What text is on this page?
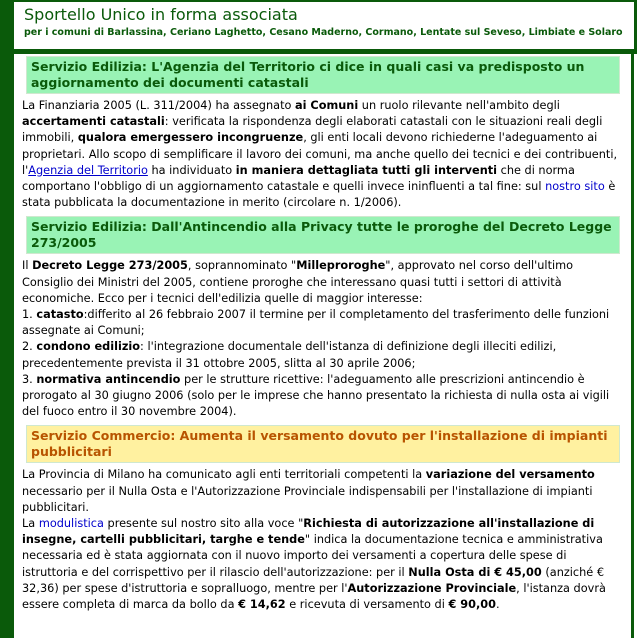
Sportello Unico in forma associata
per i comuni di Barlassina, Ceriano Laghetto, Cesano Maderno, Cormano, Lentate sul Seveso, Limbiate e Solaro
Servizio Edilizia: L'Agenzia del Territorio ci dice in quali casi va predisposto un aggiornamento dei documenti catastali
La Finanziaria 2005 (L. 311/2004) ha assegnato ai Comuni un ruolo rilevante nell'ambito degli accertamenti catastali: verificata la rispondenza degli elaborati catastali con le situazioni reali degli immobili, qualora emergessero incongruenze, gli enti locali devono richiederne l'adeguamento ai proprietari. Allo scopo di semplificare il lavoro dei comuni, ma anche quello dei tecnici e dei contribuenti, l'Agenzia del Territorio ha individuato in maniera dettagliata tutti gli interventi che di norma comportano l'obbligo di un aggiornamento catastale e quelli invece ininfluenti a tal fine: sul nostro sito è stata pubblicata la documentazione in merito (circolare n. 1/2006).
Servizio Edilizia: Dall'Antincendio alla Privacy tutte le proroghe del Decreto Legge 273/2005
Il Decreto Legge 273/2005, soprannominato "Milleproroghe", approvato nel corso dell'ultimo Consiglio dei Ministri del 2005, contiene proroghe che interessano quasi tutti i settori di attività economiche. Ecco per i tecnici dell'edilizia quelle di maggior interesse:
1. catasto:differito al 26 febbraio 2007 il termine per il completamento del trasferimento delle funzioni assegnate ai Comuni;
2. condono edilizio: l'integrazione documentale dell'istanza di definizione degli illeciti edilizi, precedentemente prevista il 31 ottobre 2005, slitta al 30 aprile 2006;
3. normativa antincendio per le strutture ricettive: l'adeguamento alle prescrizioni antincendio è prorogato al 30 giugno 2006 (solo per le imprese che hanno presentato la richiesta di nulla osta ai vigili del fuoco entro il 30 novembre 2004).
Servizio Commercio: Aumenta il versamento dovuto per l'installazione di impianti pubblicitari
La Provincia di Milano ha comunicato agli enti territoriali competenti la variazione del versamento necessario per il Nulla Osta e l'Autorizzazione Provinciale indispensabili per l'installazione di impianti pubblicitari.
La modulistica presente sul nostro sito alla voce "Richiesta di autorizzazione all'installazione di insegne, cartelli pubblicitari, targhe e tende" indica la documentazione tecnica e amministrativa necessaria ed è stata aggiornata con il nuovo importo dei versamenti a copertura delle spese di istruttoria e del corrispettivo per il rilascio dell'autorizzazione: per il Nulla Osta di € 45,00 (anziché € 32,36) per spese d'istruttoria e sopralluogo, mentre per l'Autorizzazione Provinciale, l'istanza dovrà essere completa di marca da bollo da € 14,62 e ricevuta di versamento di € 90,00.
